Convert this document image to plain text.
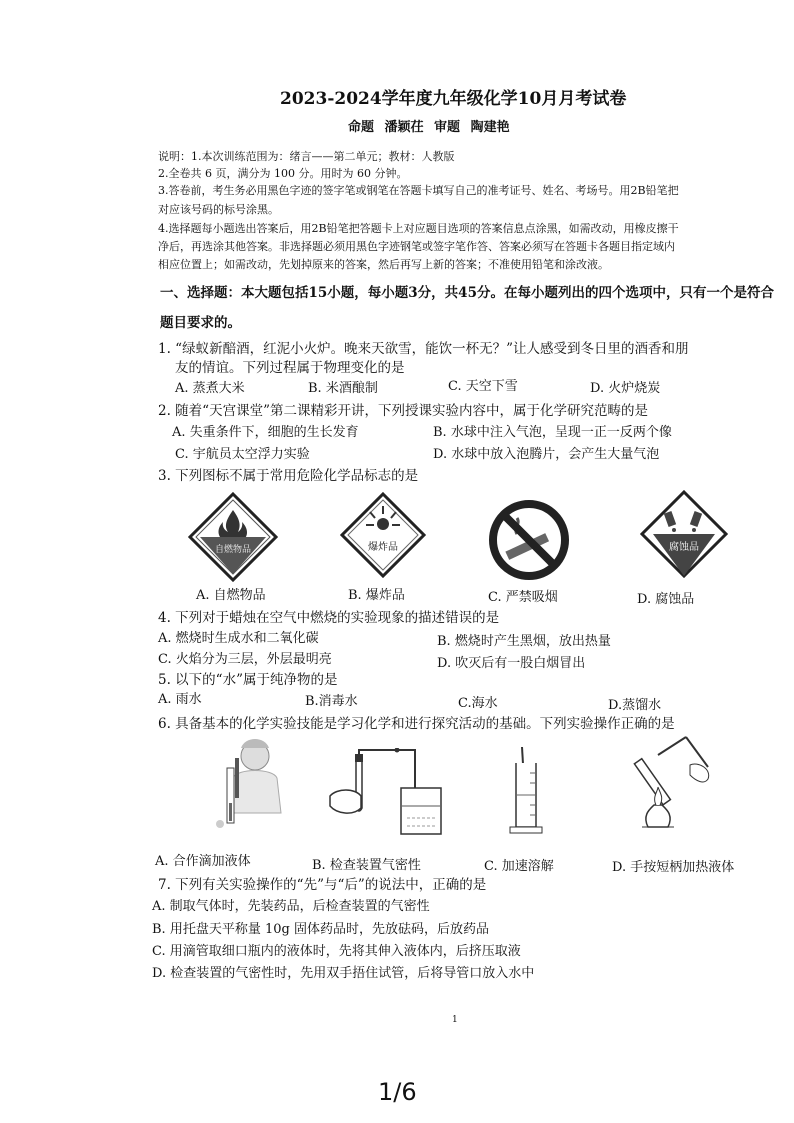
2023-2024学年度九年级化学10月月考试卷
命题 潘颖茌 审题 陶建艳
说明：1.本次训练范围为：绪言——第二单元；教材：人教版
2.全卷共 6 页，满分为 100 分。用时为 60 分钟。
3.答卷前，考生务必用黑色字迹的签字笔或钢笔在答题卡填写自己的准考证号、姓名、考场号。用2B铅笔把
对应该号码的标号涂黑。
4.选择题每小题选出答案后，用2B铅笔把答题卡上对应题目选项的答案信息点涂黑，如需改动，用橡皮擦干
净后，再选涂其他答案。非选择题必须用黑色字迹钢笔或签字笔作答、答案必须写在答题卡各题目指定域内
相应位置上；如需改动，先划掉原来的答案，然后再写上新的答案；不准使用铅笔和涂改液。
一、选择题：本大题包括15小题，每小题3分，共45分。在每小题列出的四个选项中，只有一个是符合
题目要求的。
1. “绿蚁新醅酒，红泥小火炉。晚来天欲雪，能饮一杯无？”让人感受到冬日里的酒香和朋
友的情谊。下列过程属于物理变化的是
A. 蒸煮大米	B. 米酒酿制	C. 天空下雪	D. 火炉烧炭
2. 随着“天宫课堂”第二课精彩开讲，下列授课实验内容中，属于化学研究范畴的是
A. 失重条件下，细胞的生长发育	B. 水球中注入气泡，呈现一正一反两个像
C. 宇航员太空浮力实验	D. 水球中放入泡腾片，会产生大量气泡
3. 下列图标不属于常用危险化学品标志的是
自燃物品	爆炸品	腐蚀品
A. 自燃物品	B. 爆炸品	C. 严禁吸烟	D. 腐蚀品
4. 下列对于蜡烛在空气中燃烧的实验现象的描述错误的是
A. 燃烧时生成水和二氧化碳	B. 燃烧时产生黑烟，放出热量
C. 火焰分为三层，外层最明亮	D. 吹灭后有一股白烟冒出
5. 以下的“水”属于纯净物的是
A. 雨水	B.消毒水	C.海水	D.蒸馏水
6. 具备基本的化学实验技能是学习化学和进行探究活动的基础。下列实验操作正确的是
A. 合作滴加液体	B. 检查装置气密性	C. 加速溶解	D. 手按短柄加热液体
7. 下列有关实验操作的“先”与“后”的说法中，正确的是
A. 制取气体时，先装药品，后检查装置的气密性
B. 用托盘天平称量 10g 固体药品时，先放砝码，后放药品
C. 用滴管取细口瓶内的液体时，先将其伸入液体内，后挤压取液
D. 检查装置的气密性时，先用双手捂住试管，后将导管口放入水中
1
1/6
